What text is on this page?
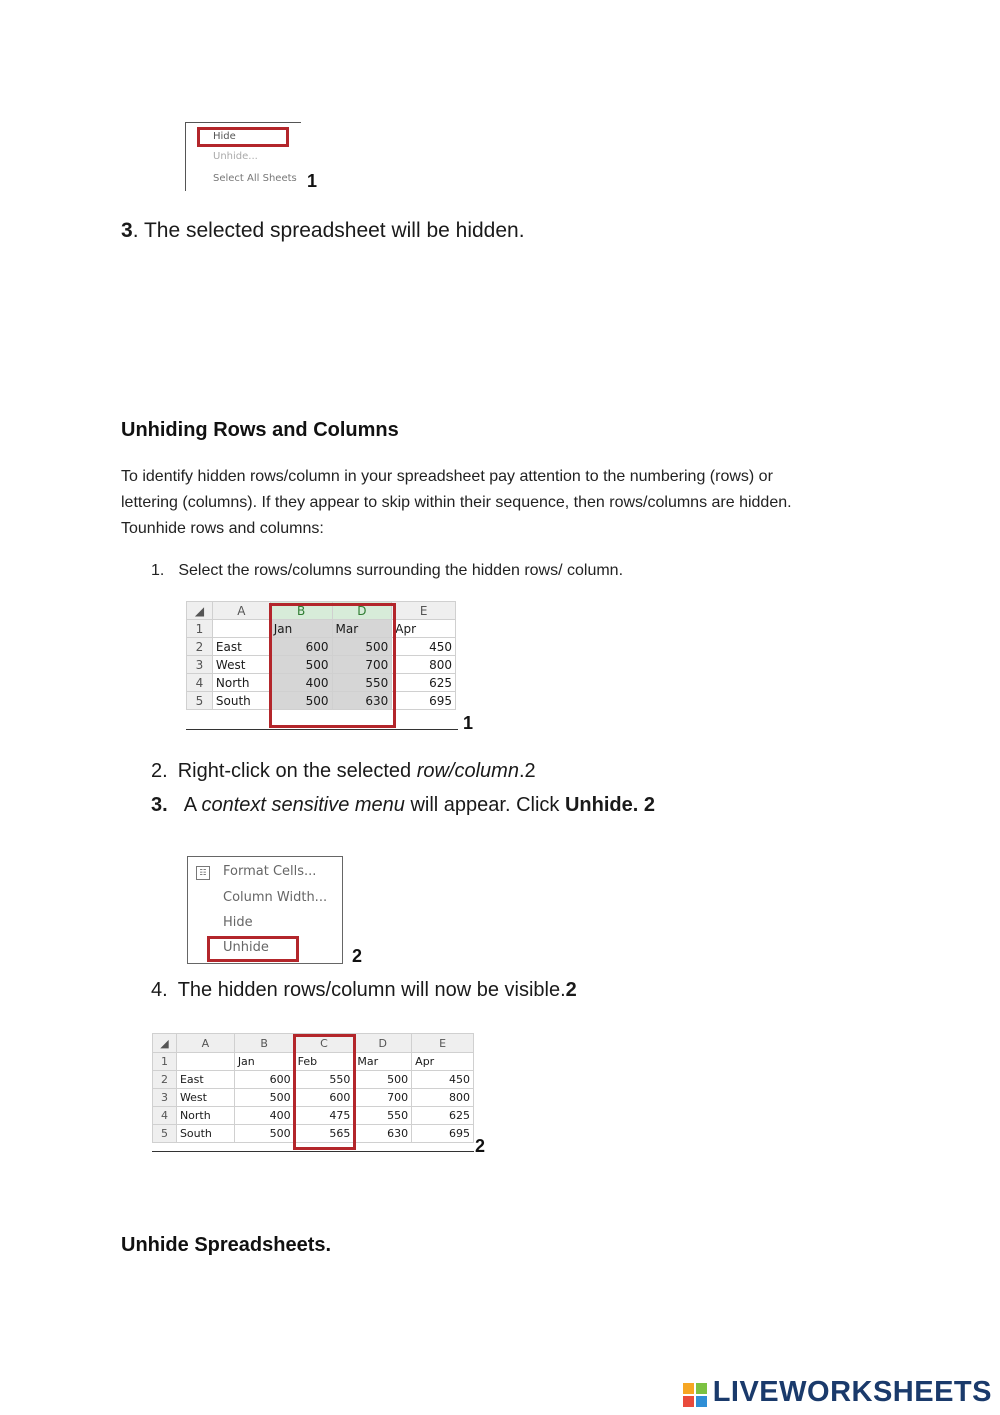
Hide
Unhide...
Select All Sheets 1
3. The selected spreadsheet will be hidden.
Unhiding Rows and Columns
To identify hidden rows/column in your spreadsheet pay attention to the numbering (rows) or
lettering (columns). If they appear to skip within their sequence, then rows/columns are hidden.
Tounhide rows and columns:
1. Select the rows/columns surrounding the hidden rows/ column.
◢	A	B	D	E
1		Jan	Mar	Apr
2	East	600	500	450
3	West	500	700	800
4	North	400	550	625
5	South	500	630	695
1
2. Right-click on the selected row/column.2
3. A context sensitive menu will appear. Click Unhide. 2
☷ Format Cells...
Column Width...
Hide
Unhide	2
4. The hidden rows/column will now be visible.2
◢	A	B	C	D	E
1		Jan	Feb	Mar	Apr
2	East	600	550	500	450
3	West	500	600	700	800
4	North	400	475	550	625
5	South	500	565	630	695
2
Unhide Spreadsheets.
LIVEWORKSHEETS
